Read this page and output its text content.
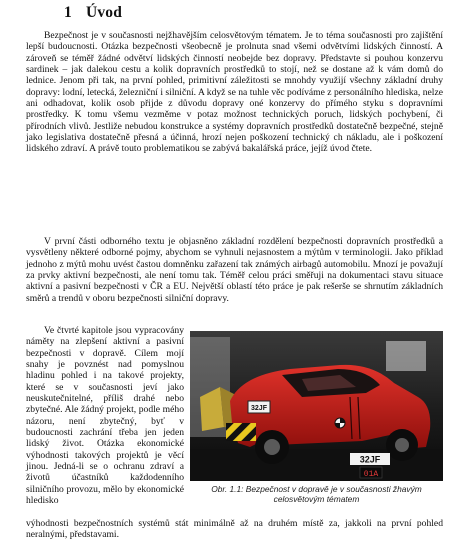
1 Úvod

Bezpečnost je v současnosti nejžhavějším celosvětovým tématem. Je to téma současnosti pro zajištění lepší budoucnosti. Otázka bezpečnosti všeobecně je prolnuta snad všemi odvětvími lidských činností. A zároveň se téměř žádné odvětví lidských činností neobejde bez dopravy. Představte si pouhou konzervu sardinek – jak dalekou cestu a kolik dopravních prostředků to stojí, než se dostane až k vám domů do lednice. Jenom při tak, na první pohled, primitivní záležitosti se mnohdy využijí všechny základní druhy dopravy: lodní, letecká, železniční i silniční. A když se na tuhle věc podíváme z personálního hlediska, nelze ani odhadovat, kolik osob přijde z důvodu dopravy oné konzervy do přímého styku s dopravními prostředky. K tomu všemu vezměme v potaz možnost technických poruch, lidských pochybení, či přírodních vlivů. Jestliže nebudou konstrukce a systémy dopravních prostředků dostatečně bezpečné, stejně jako legislativa dostatečně přesná a účinná, hrozí nejen poškození technický ch nákladu, ale i poškození lidského zdraví. A právě touto problematikou se zabývá bakalářská práce, jejíž úvod čtete.

V první části odborného textu je objasněno základní rozdělení bezpečnosti dopravních prostředků a vysvětleny některé odborné pojmy, abychom se vyhnuli nejasnostem a mýtům v terminologii. Jako příklad jednoho z mýtů mohu uvést častou domněnku zařazení tak známých airbagů automobilu. Mnozí je považují za prvky aktivní bezpečnosti, ale není tomu tak. Téměř celou práci směřuji na dokumentaci stavu situace aktivní a pasivní bezpečnosti v ČR a EU. Největší oblastí této práce je pak rešerše se shrnutím základních směrů a trendů v oboru bezpečnosti silniční dopravy.

Ve čtvrté kapitole jsou vypracovány náměty na zlepšení aktivní a pasivní bezpečnosti v dopravě. Cílem mojí snahy je povznést nad pomyslnou hladinu pohled i na takové projekty, které se v současnosti jeví jako neuskutečnitelné, příliš drahé nebo zbytečné. Ale žádný projekt, podle mého názoru, není zbytečný, byť v budoucnosti zachrání třeba jen jeden lidský život. Otázka ekonomické výhodnosti takových projektů je věcí jinou. Jedná-li se o ochranu zdraví a životů účastníků každodenního silničního provozu, mělo by ekonomické hledisko

výhodnosti bezpečnostních systémů stát minimálně až na druhém místě za, jakkoli na první pohled neralnými, představami.

32JF
32JF
01A
Obr. 1.1: Bezpečnost v dopravě je v současnosti žhavým celosvětovým tématem
